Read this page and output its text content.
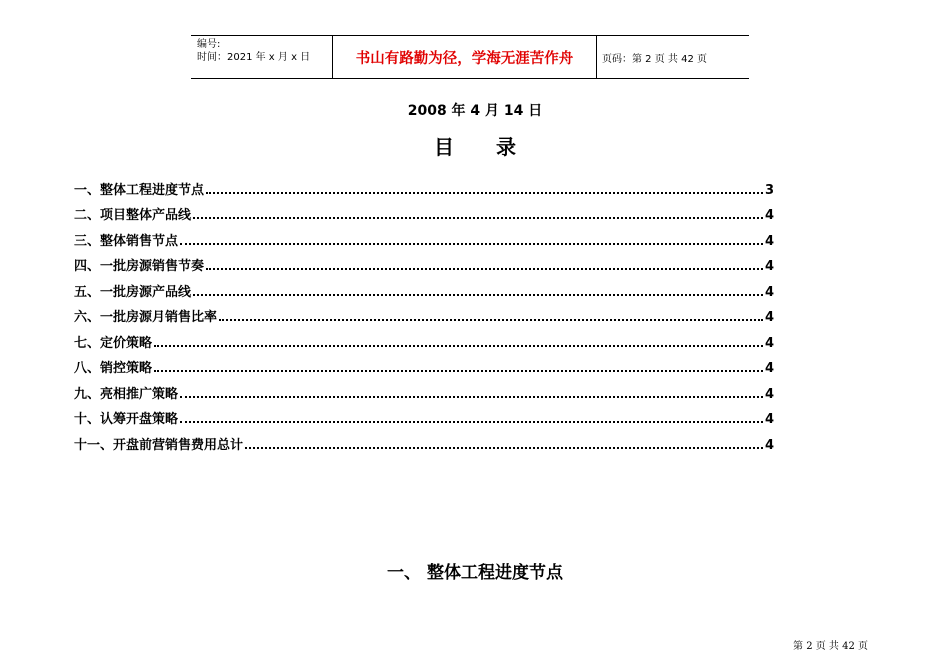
编号:
时间：2021 年 x 月 x 日	书山有路勤为径，学海无涯苦作舟	页码：第 2 页 共 42 页
2008 年 4 月 14 日
目录
一、整体工程进度节点	3
二、项目整体产品线	4
三、整体销售节点	4
四、一批房源销售节奏	4
五、一批房源产品线	4
六、一批房源月销售比率	4
七、定价策略	4
八、销控策略	4
九、亮相推广策略	4
十、认筹开盘策略	4
十一、开盘前营销售费用总计	4
一、 整体工程进度节点
第 2 页 共 42 页
